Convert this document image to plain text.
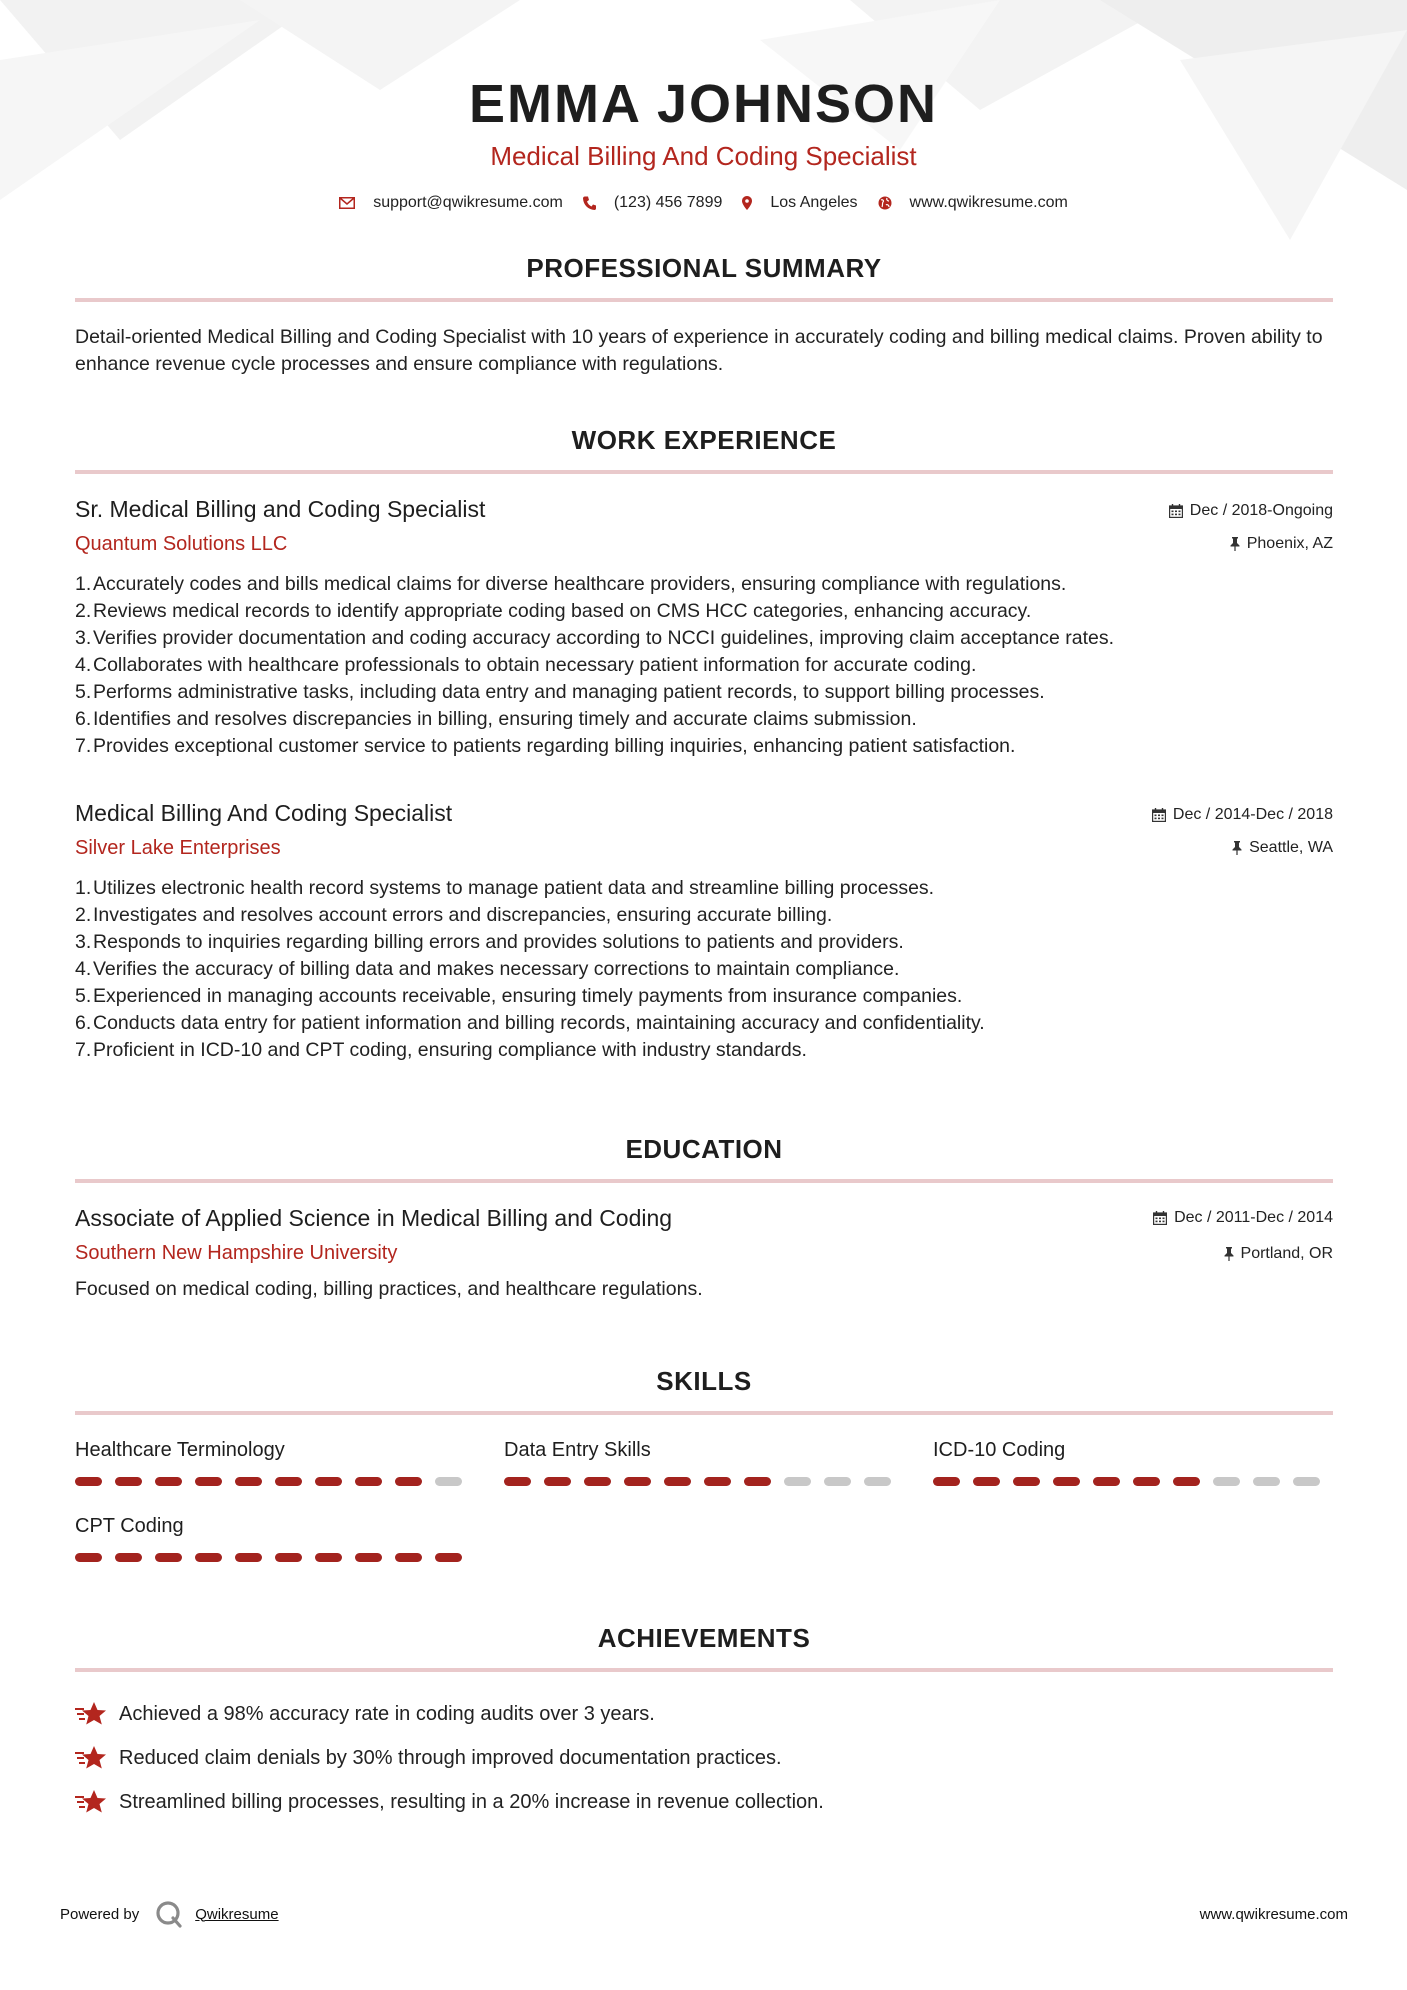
EMMA JOHNSON
Medical Billing And Coding Specialist
support@qwikresume.com	(123) 456 7899	Los Angeles	www.qwikresume.com
PROFESSIONAL SUMMARY
Detail-oriented Medical Billing and Coding Specialist with 10 years of experience in accurately coding and billing medical claims. Proven ability to enhance revenue cycle processes and ensure compliance with regulations.
WORK EXPERIENCE
Sr. Medical Billing and Coding Specialist
Quantum Solutions LLC
Dec / 2018-Ongoing
Phoenix, AZ
1. Accurately codes and bills medical claims for diverse healthcare providers, ensuring compliance with regulations.
2. Reviews medical records to identify appropriate coding based on CMS HCC categories, enhancing accuracy.
3. Verifies provider documentation and coding accuracy according to NCCI guidelines, improving claim acceptance rates.
4. Collaborates with healthcare professionals to obtain necessary patient information for accurate coding.
5. Performs administrative tasks, including data entry and managing patient records, to support billing processes.
6. Identifies and resolves discrepancies in billing, ensuring timely and accurate claims submission.
7. Provides exceptional customer service to patients regarding billing inquiries, enhancing patient satisfaction.
Medical Billing And Coding Specialist
Silver Lake Enterprises
Dec / 2014-Dec / 2018
Seattle, WA
1. Utilizes electronic health record systems to manage patient data and streamline billing processes.
2. Investigates and resolves account errors and discrepancies, ensuring accurate billing.
3. Responds to inquiries regarding billing errors and provides solutions to patients and providers.
4. Verifies the accuracy of billing data and makes necessary corrections to maintain compliance.
5. Experienced in managing accounts receivable, ensuring timely payments from insurance companies.
6. Conducts data entry for patient information and billing records, maintaining accuracy and confidentiality.
7. Proficient in ICD-10 and CPT coding, ensuring compliance with industry standards.
EDUCATION
Associate of Applied Science in Medical Billing and Coding
Southern New Hampshire University
Dec / 2011-Dec / 2014
Portland, OR
Focused on medical coding, billing practices, and healthcare regulations.
SKILLS
Healthcare Terminology	Data Entry Skills	ICD-10 Coding
CPT Coding
ACHIEVEMENTS
Achieved a 98% accuracy rate in coding audits over 3 years.
Reduced claim denials by 30% through improved documentation practices.
Streamlined billing processes, resulting in a 20% increase in revenue collection.
Powered by	Qwikresume	www.qwikresume.com
